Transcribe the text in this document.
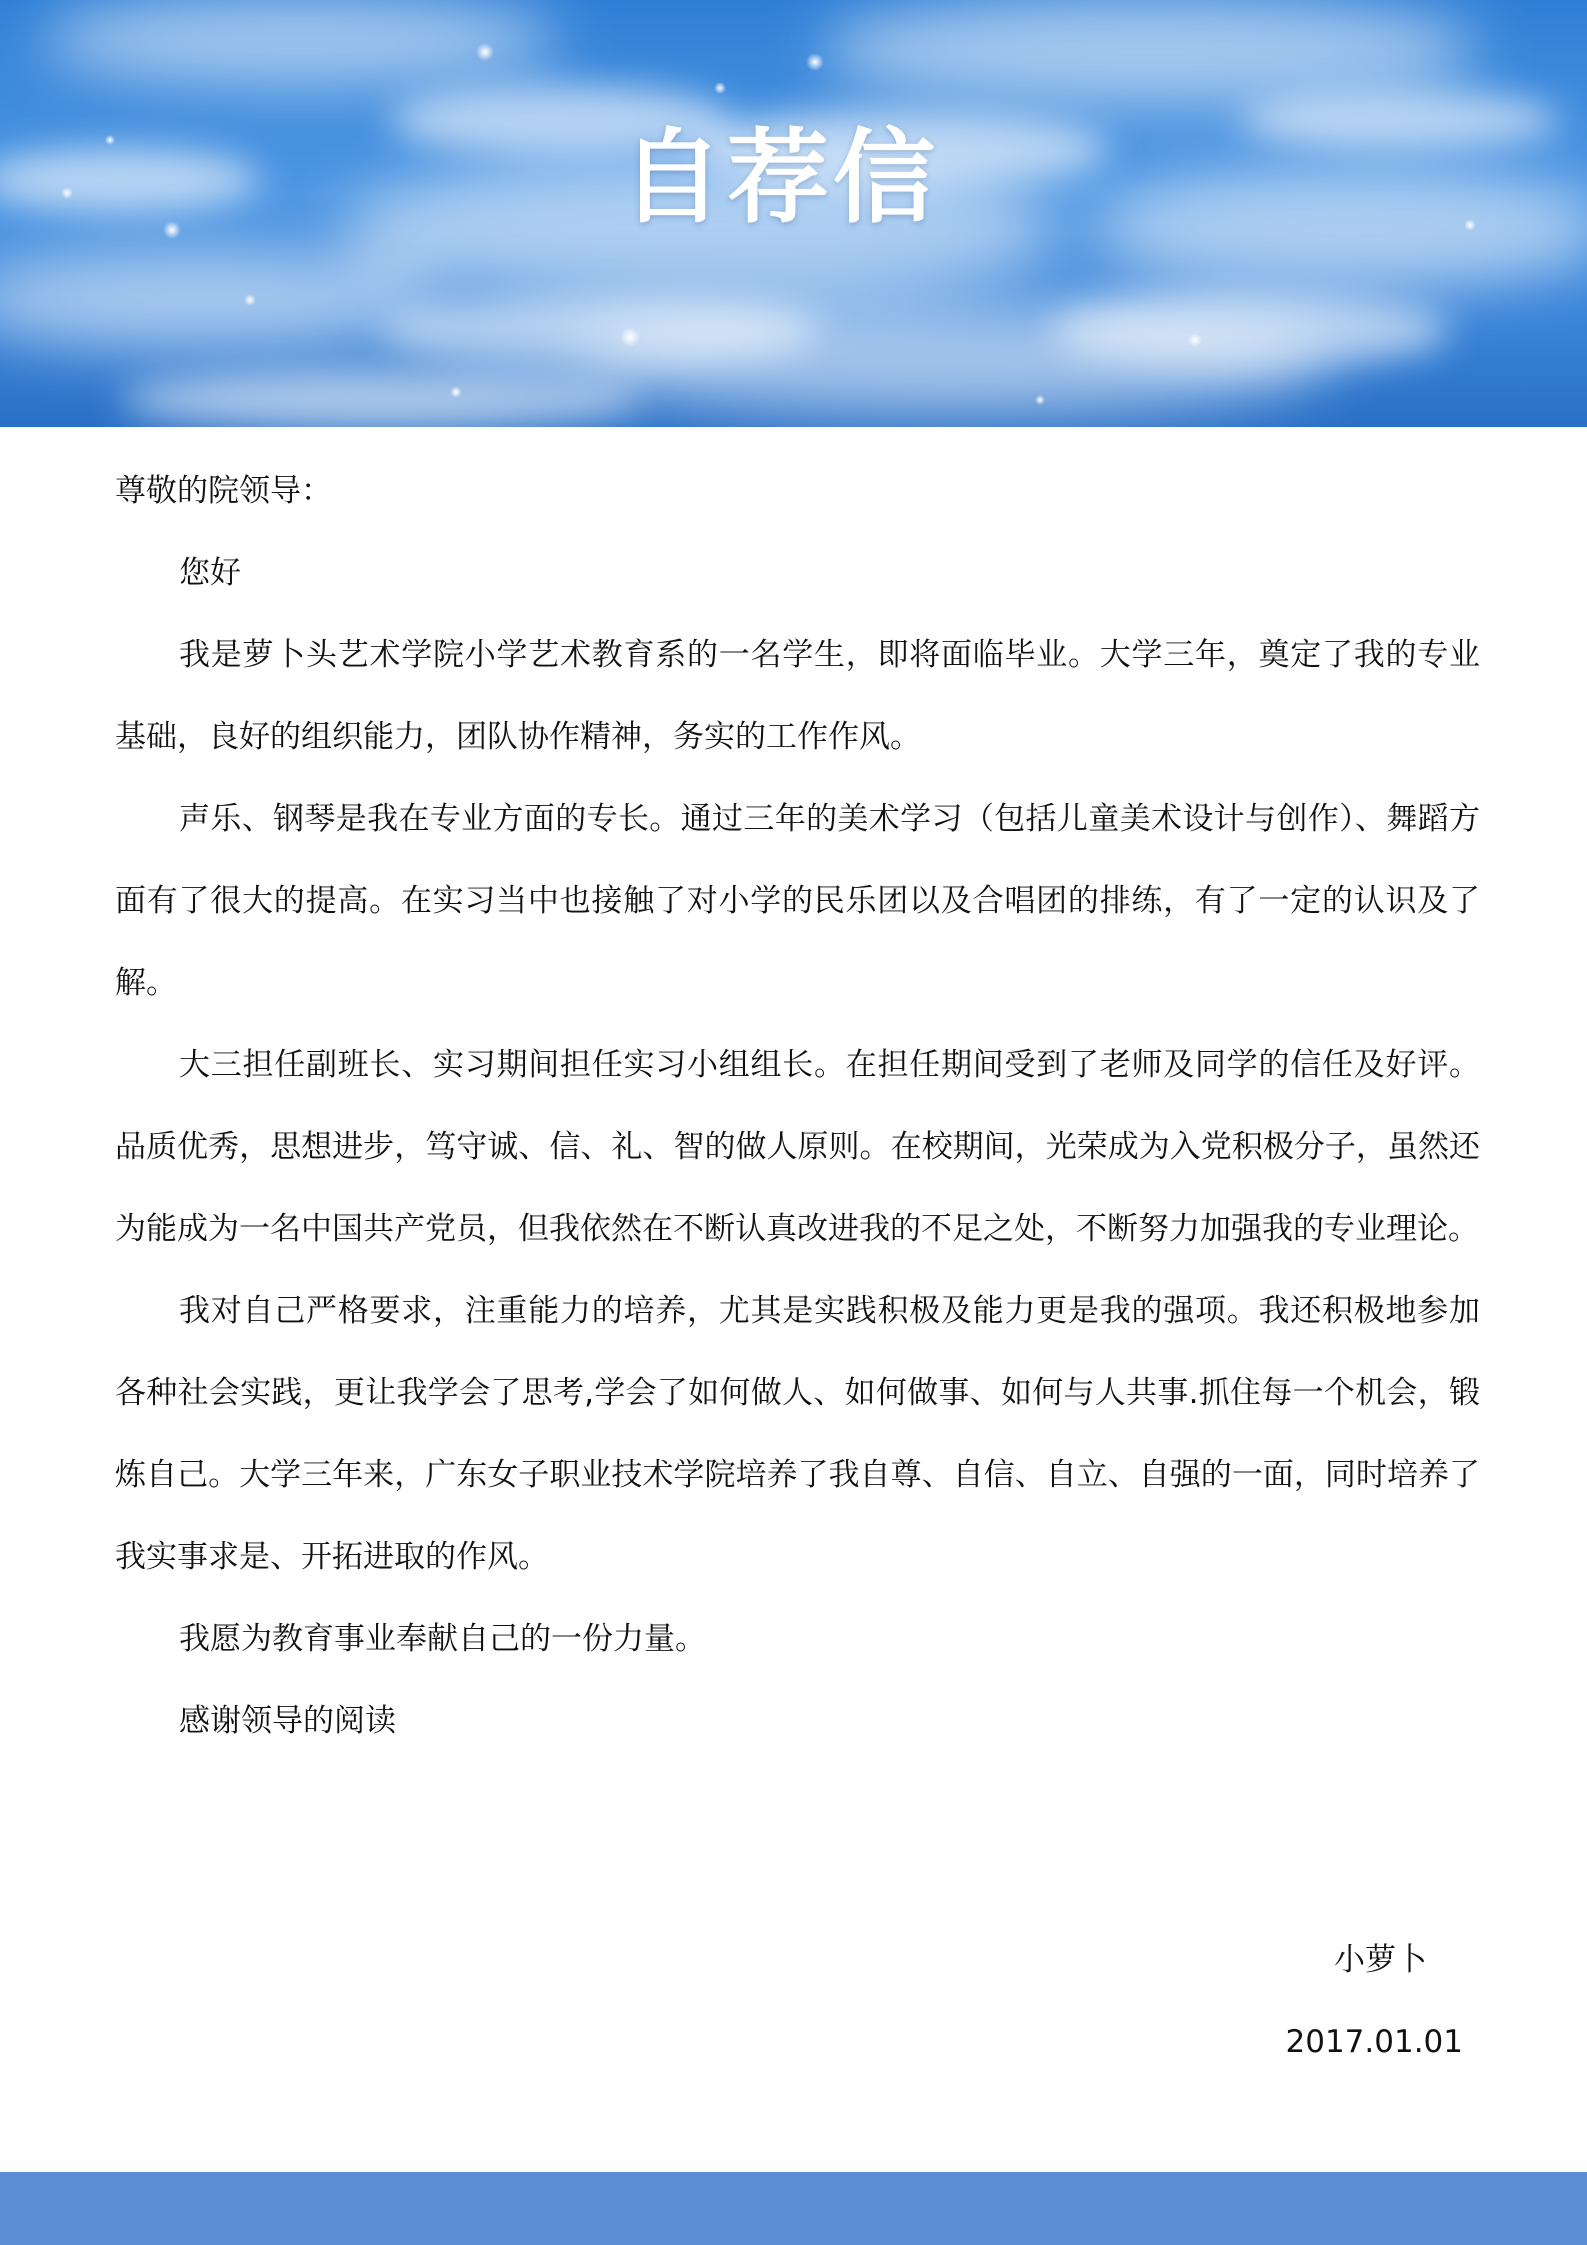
自荐信

尊敬的院领导：

您好

我是萝卜头艺术学院小学艺术教育系的一名学生，即将面临毕业。大学三年，奠定了我的专业基础，良好的组织能力，团队协作精神，务实的工作作风。

声乐、钢琴是我在专业方面的专长。通过三年的美术学习（包括儿童美术设计与创作）、舞蹈方面有了很大的提高。在实习当中也接触了对小学的民乐团以及合唱团的排练，有了一定的认识及了解。

大三担任副班长、实习期间担任实习小组组长。在担任期间受到了老师及同学的信任及好评。品质优秀，思想进步，笃守诚、信、礼、智的做人原则。在校期间，光荣成为入党积极分子，虽然还为能成为一名中国共产党员，但我依然在不断认真改进我的不足之处，不断努力加强我的专业理论。

我对自己严格要求，注重能力的培养，尤其是实践积极及能力更是我的强项。我还积极地参加各种社会实践，更让我学会了思考,学会了如何做人、如何做事、如何与人共事.抓住每一个机会，锻炼自己。大学三年来，广东女子职业技术学院培养了我自尊、自信、自立、自强的一面，同时培养了我实事求是、开拓进取的作风。

我愿为教育事业奉献自己的一份力量。

感谢领导的阅读

小萝卜

2017.01.01
